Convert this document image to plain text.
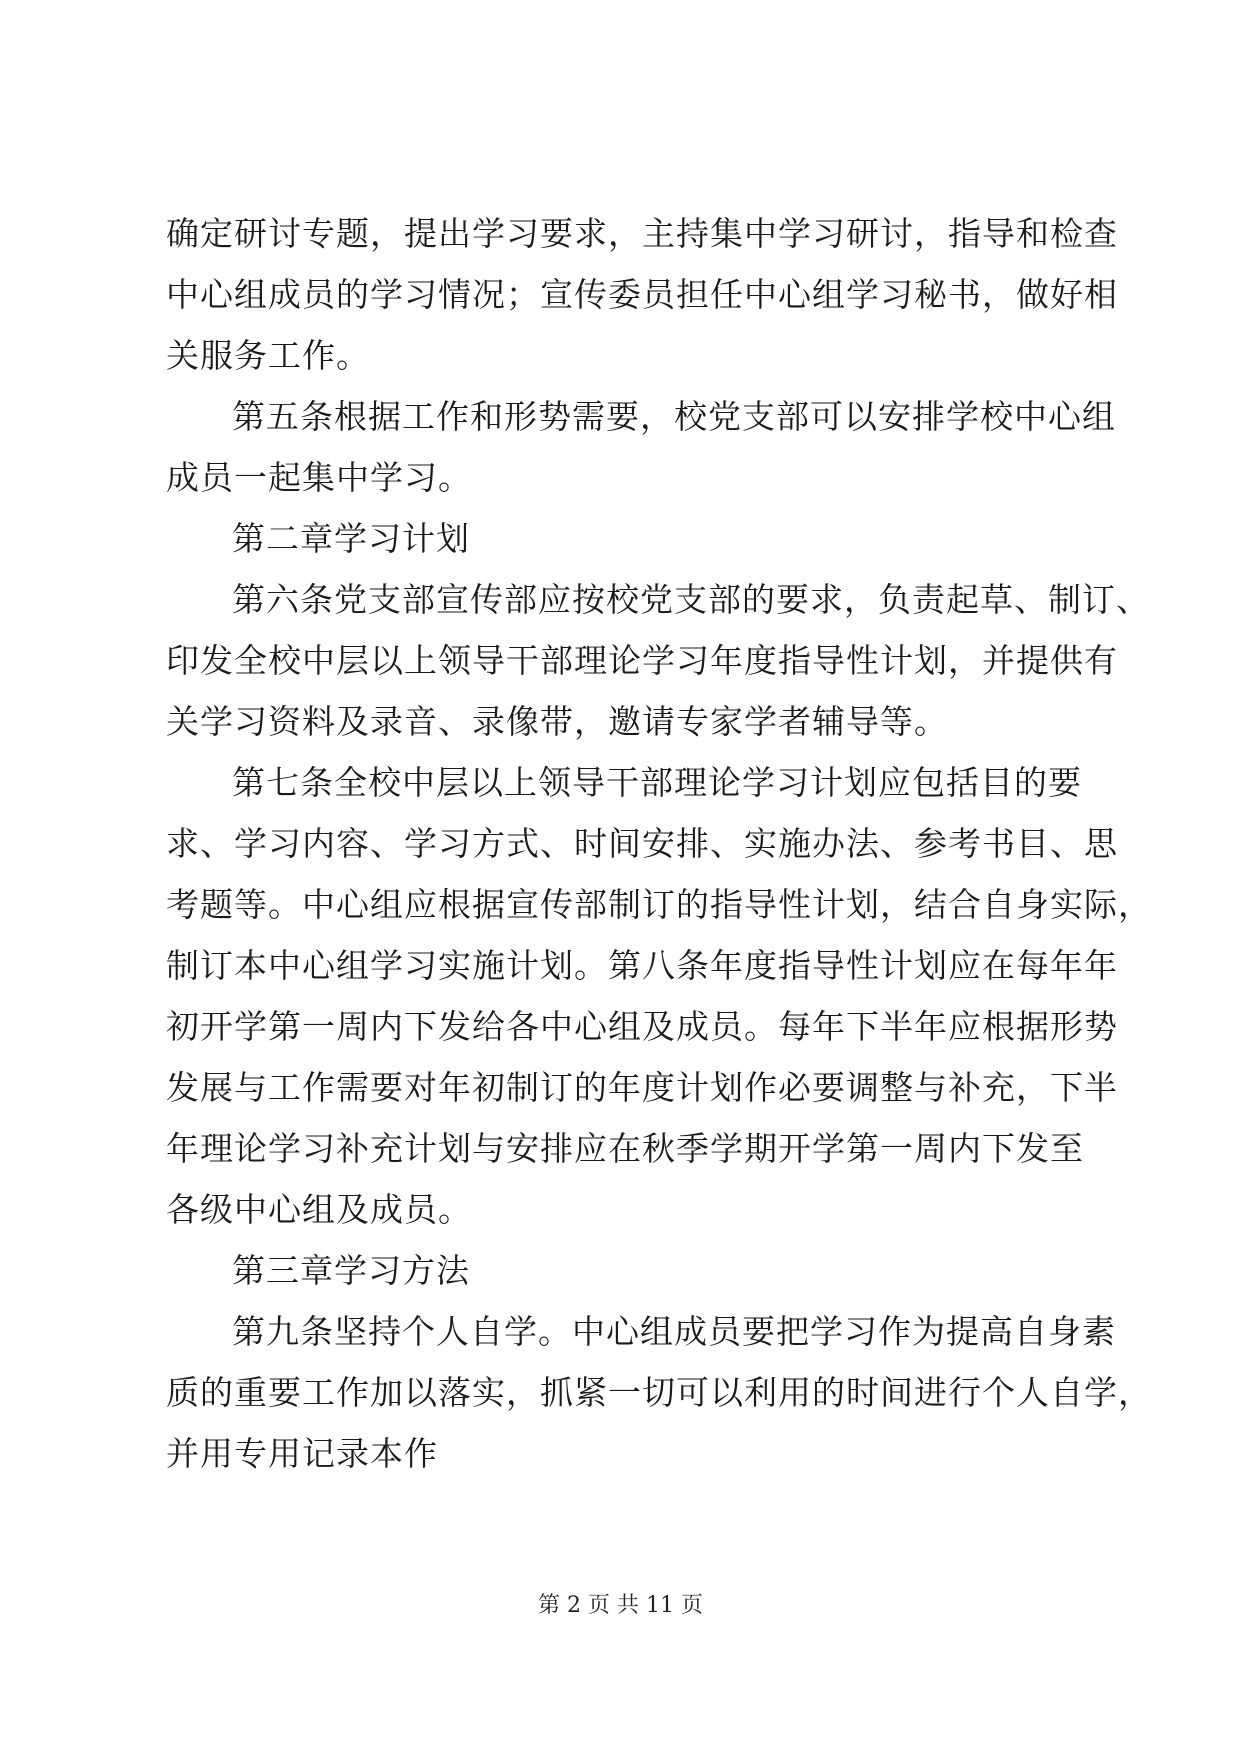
确定研讨专题，提出学习要求，主持集中学习研讨，指导和检查
中心组成员的学习情况；宣传委员担任中心组学习秘书，做好相
关服务工作。
第五条根据工作和形势需要，校党支部可以安排学校中心组
成员一起集中学习。
第二章学习计划
第六条党支部宣传部应按校党支部的要求，负责起草、制订、
印发全校中层以上领导干部理论学习年度指导性计划，并提供有
关学习资料及录音、录像带，邀请专家学者辅导等。
第七条全校中层以上领导干部理论学习计划应包括目的要
求、学习内容、学习方式、时间安排、实施办法、参考书目、思
考题等。中心组应根据宣传部制订的指导性计划，结合自身实际，
制订本中心组学习实施计划。第八条年度指导性计划应在每年年
初开学第一周内下发给各中心组及成员。每年下半年应根据形势
发展与工作需要对年初制订的年度计划作必要调整与补充，下半
年理论学习补充计划与安排应在秋季学期开学第一周内下发至
各级中心组及成员。
第三章学习方法
第九条坚持个人自学。中心组成员要把学习作为提高自身素
质的重要工作加以落实，抓紧一切可以利用的时间进行个人自学，
并用专用记录本作
第 2 页 共 11 页
